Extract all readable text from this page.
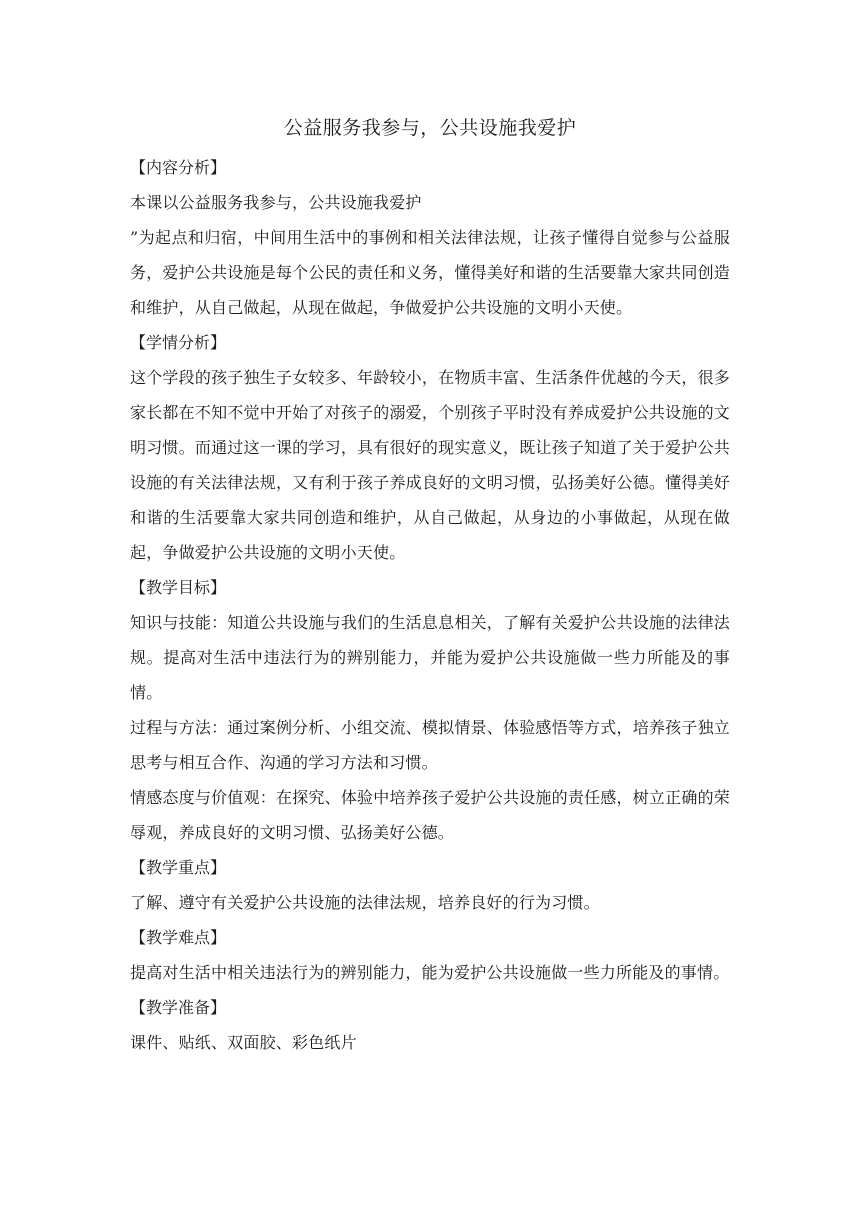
公益服务我参与，公共设施我爱护
【内容分析】

本课以公益服务我参与，公共设施我爱护

”为起点和归宿，中间用生活中的事例和相关法律法规，让孩子懂得自觉参与公益服务，爱护公共设施是每个公民的责任和义务，懂得美好和谐的生活要靠大家共同创造和维护，从自己做起，从现在做起，争做爱护公共设施的文明小天使。

【学情分析】

这个学段的孩子独生子女较多、年龄较小，在物质丰富、生活条件优越的今天，很多家长都在不知不觉中开始了对孩子的溺爱，个别孩子平时没有养成爱护公共设施的文明习惯。而通过这一课的学习，具有很好的现实意义，既让孩子知道了关于爱护公共设施的有关法律法规，又有利于孩子养成良好的文明习惯，弘扬美好公德。懂得美好和谐的生活要靠大家共同创造和维护，从自己做起，从身边的小事做起，从现在做起，争做爱护公共设施的文明小天使。

【教学目标】

知识与技能：知道公共设施与我们的生活息息相关，了解有关爱护公共设施的法律法规。提高对生活中违法行为的辨别能力，并能为爱护公共设施做一些力所能及的事情。

过程与方法：通过案例分析、小组交流、模拟情景、体验感悟等方式，培养孩子独立思考与相互合作、沟通的学习方法和习惯。

情感态度与价值观：在探究、体验中培养孩子爱护公共设施的责任感，树立正确的荣辱观，养成良好的文明习惯、弘扬美好公德。

【教学重点】

了解、遵守有关爱护公共设施的法律法规，培养良好的行为习惯。

【教学难点】

提高对生活中相关违法行为的辨别能力，能为爱护公共设施做一些力所能及的事情。

【教学准备】

课件、贴纸、双面胶、彩色纸片
